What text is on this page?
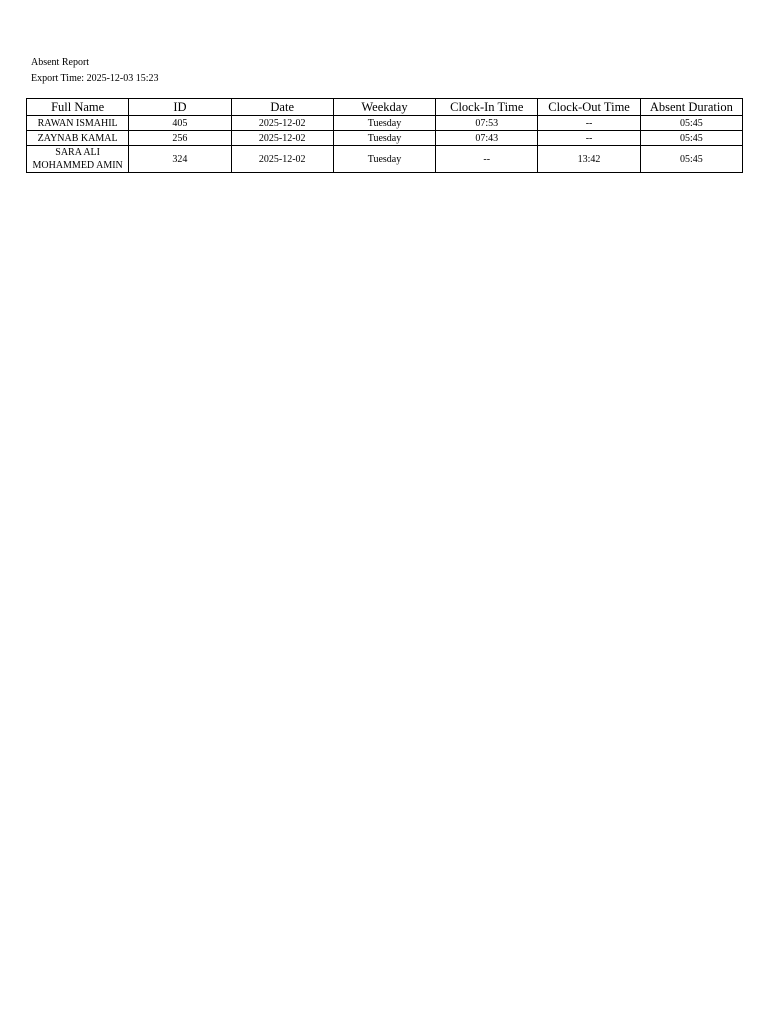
Absent Report
Export Time: 2025-12-03 15:23
Full Name	ID	Date	Weekday	Clock-In Time	Clock-Out Time	Absent Duration
RAWAN ISMAHIL	405	2025-12-02	Tuesday	07:53	--	05:45
ZAYNAB KAMAL	256	2025-12-02	Tuesday	07:43	--	05:45
SARA ALI MOHAMMED AMIN	324	2025-12-02	Tuesday	--	13:42	05:45
